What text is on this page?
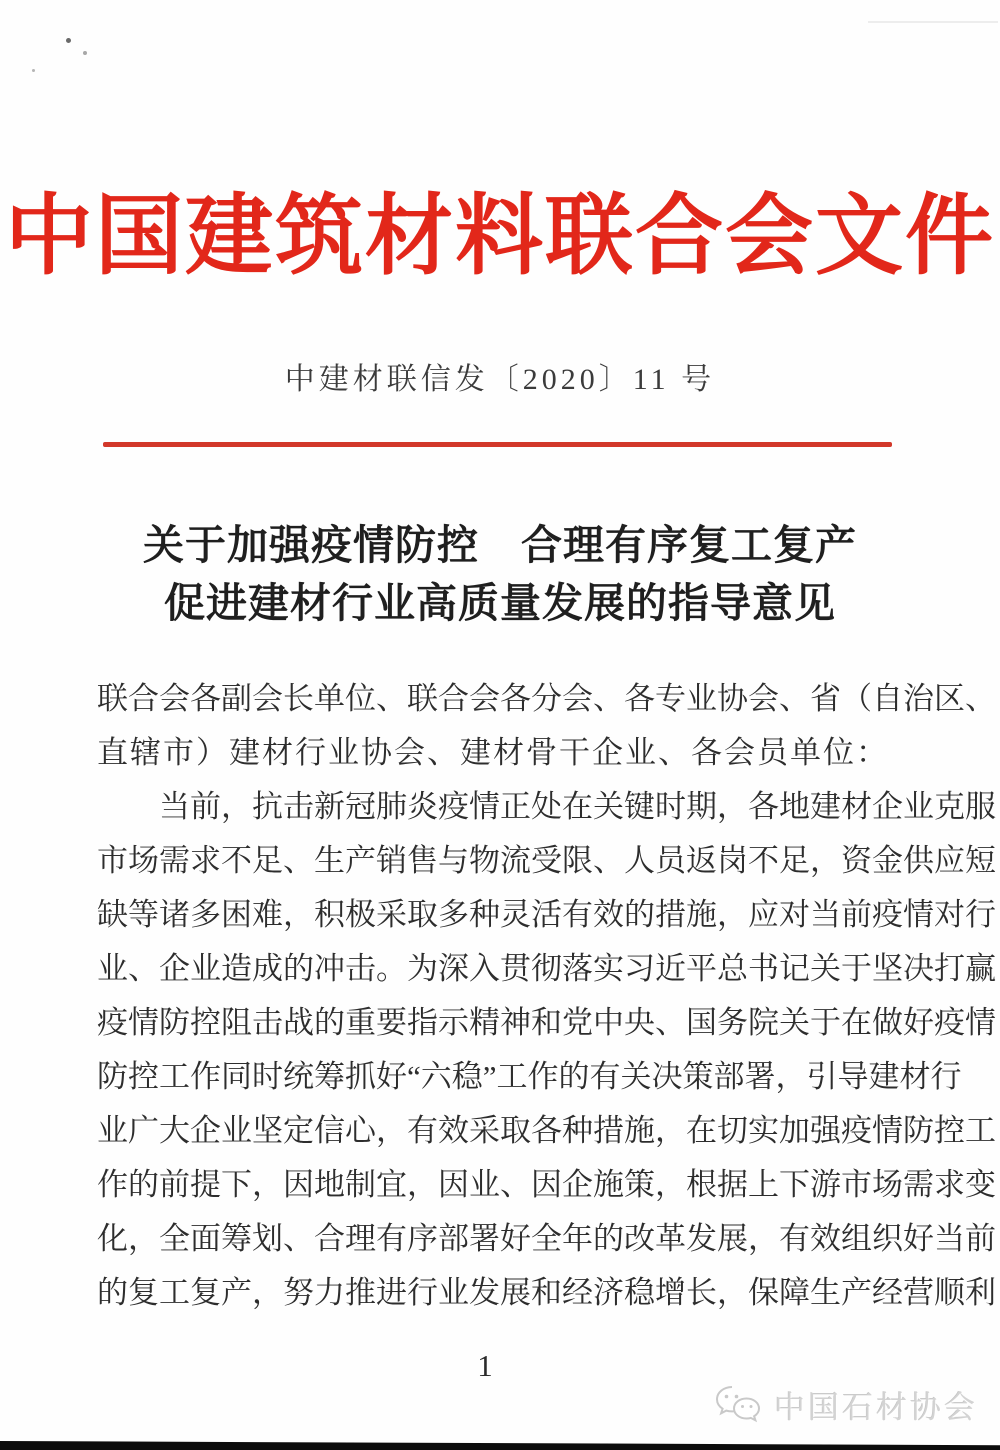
中国建筑材料联合会文件
中建材联信发〔2020〕11 号
关于加强疫情防控　合理有序复工复产
促进建材行业高质量发展的指导意见
联合会各副会长单位、联合会各分会、各专业协会、省（自治区、
直辖市）建材行业协会、建材骨干企业、各会员单位：
　　当前，抗击新冠肺炎疫情正处在关键时期，各地建材企业克服
市场需求不足、生产销售与物流受限、人员返岗不足，资金供应短
缺等诸多困难，积极采取多种灵活有效的措施，应对当前疫情对行
业、企业造成的冲击。为深入贯彻落实习近平总书记关于坚决打赢
疫情防控阻击战的重要指示精神和党中央、国务院关于在做好疫情
防控工作同时统筹抓好“六稳”工作的有关决策部署，引导建材行
业广大企业坚定信心，有效采取各种措施，在切实加强疫情防控工
作的前提下，因地制宜，因业、因企施策，根据上下游市场需求变
化，全面筹划、合理有序部署好全年的改革发展，有效组织好当前
的复工复产，努力推进行业发展和经济稳增长，保障生产经营顺利
1
中国石材协会
